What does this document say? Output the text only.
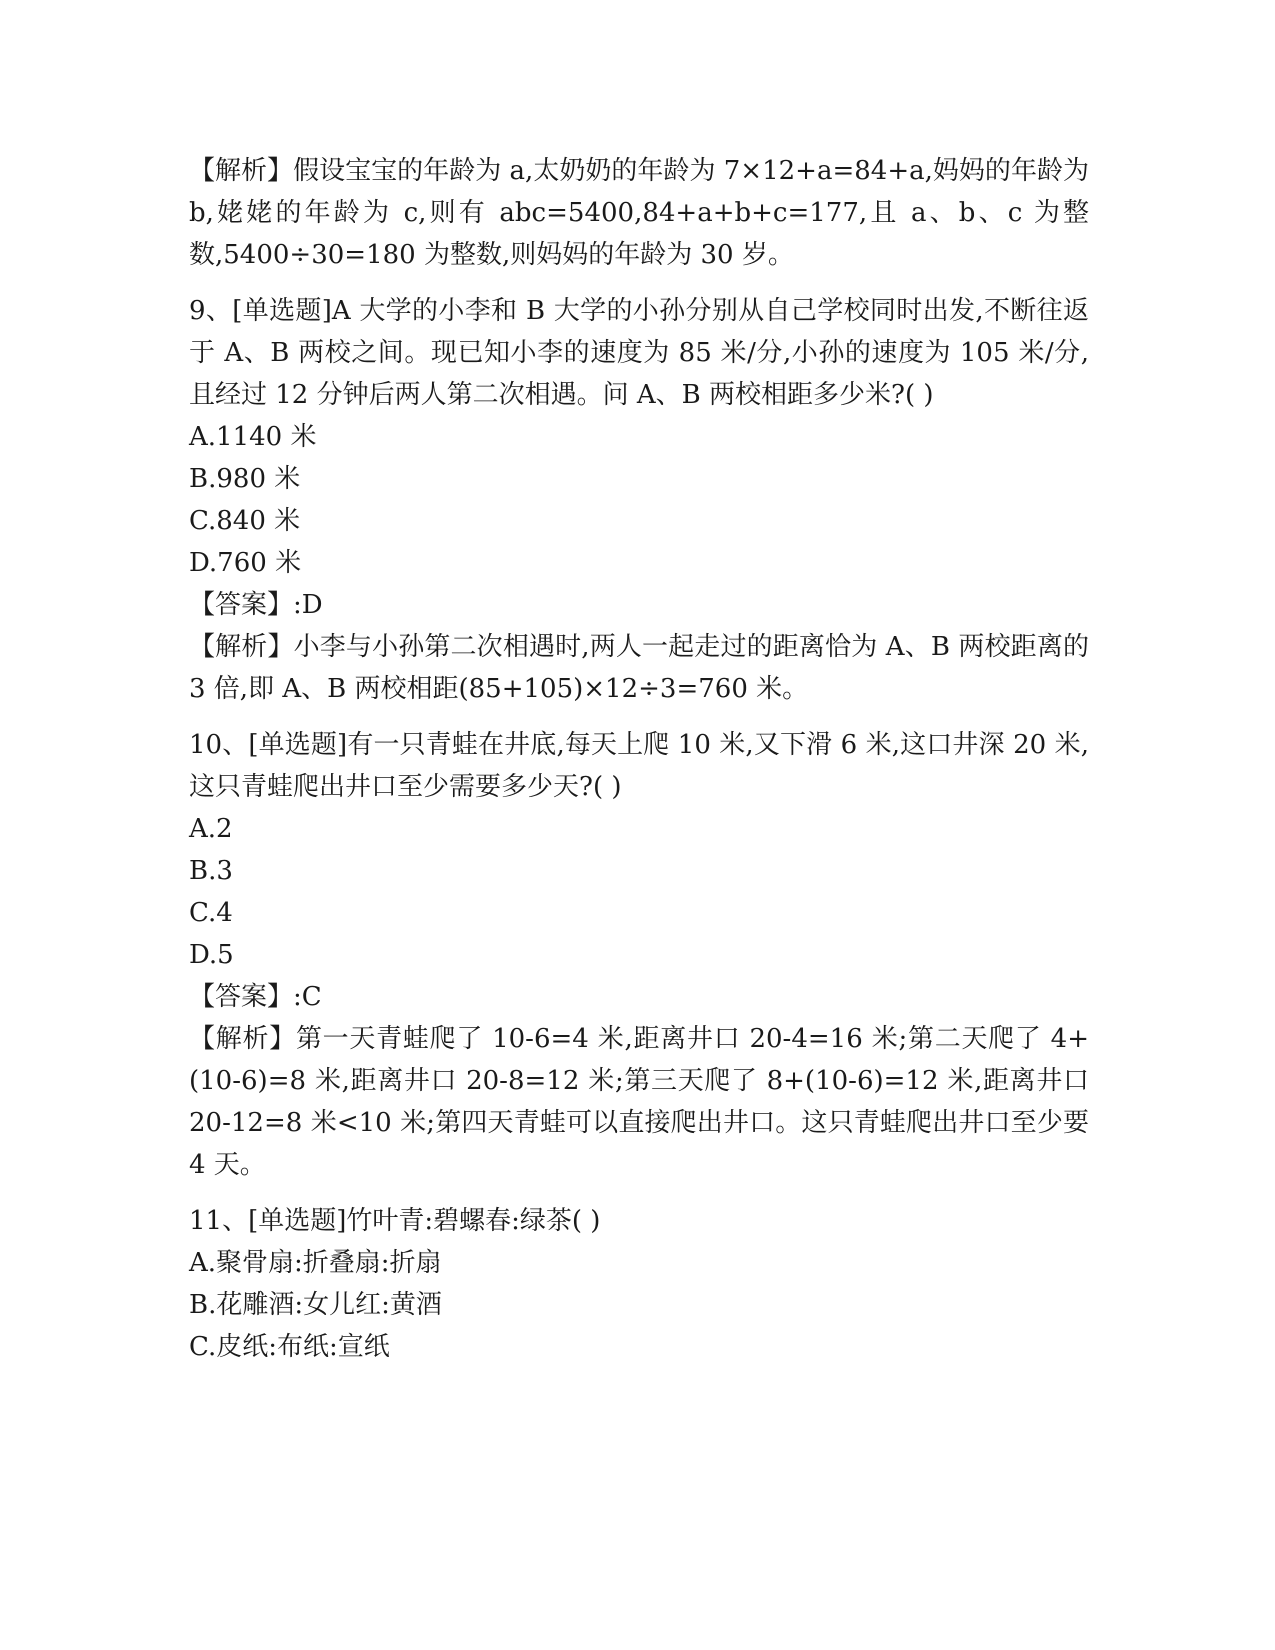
【解析】假设宝宝的年龄为 a,太奶奶的年龄为 7×12+a=84+a,妈妈的年龄为 b,姥姥的年龄为 c,则有 abc=5400,84+a+b+c=177,且 a、b、c 为整数,5400÷30=180 为整数,则妈妈的年龄为 30 岁。

9、[单选题]A 大学的小李和 B 大学的小孙分别从自己学校同时出发,不断往返于 A、B 两校之间。现已知小李的速度为 85 米/分,小孙的速度为 105 米/分,且经过 12 分钟后两人第二次相遇。问 A、B 两校相距多少米?( )

A.1140 米

B.980 米

C.840 米

D.760 米

【答案】:D

【解析】小李与小孙第二次相遇时,两人一起走过的距离恰为 A、B 两校距离的 3 倍,即 A、B 两校相距(85+105)×12÷3=760 米。

10、[单选题]有一只青蛙在井底,每天上爬 10 米,又下滑 6 米,这口井深 20 米,这只青蛙爬出井口至少需要多少天?( )

A.2

B.3

C.4

D.5

【答案】:C

【解析】第一天青蛙爬了 10-6=4 米,距离井口 20-4=16 米;第二天爬了 4+(10-6)=8 米,距离井口 20-8=12 米;第三天爬了 8+(10-6)=12 米,距离井口 20-12=8 米<10 米;第四天青蛙可以直接爬出井口。这只青蛙爬出井口至少要 4 天。

11、[单选题]竹叶青:碧螺春:绿茶( )

A.聚骨扇:折叠扇:折扇

B.花雕酒:女儿红:黄酒

C.皮纸:布纸:宣纸
